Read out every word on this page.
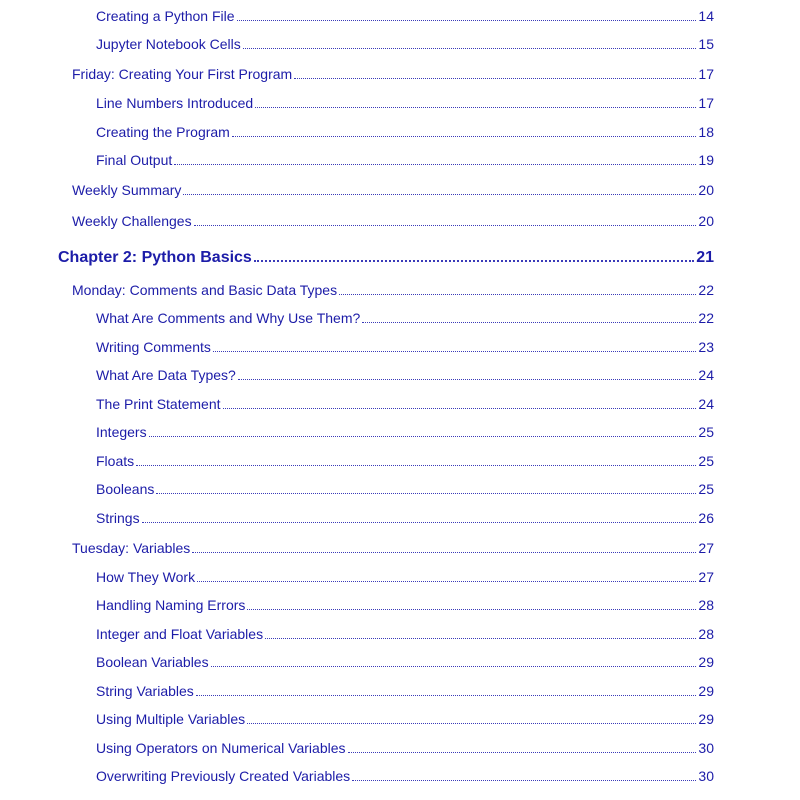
Creating a Python File	14
Jupyter Notebook Cells	15
Friday: Creating Your First Program	17
Line Numbers Introduced	17
Creating the Program	18
Final Output	19
Weekly Summary	20
Weekly Challenges	20
Chapter 2: Python Basics	21
Monday: Comments and Basic Data Types	22
What Are Comments and Why Use Them?	22
Writing Comments	23
What Are Data Types?	24
The Print Statement	24
Integers	25
Floats	25
Booleans	25
Strings	26
Tuesday: Variables	27
How They Work	27
Handling Naming Errors	28
Integer and Float Variables	28
Boolean Variables	29
String Variables	29
Using Multiple Variables	29
Using Operators on Numerical Variables	30
Overwriting Previously Created Variables	30
